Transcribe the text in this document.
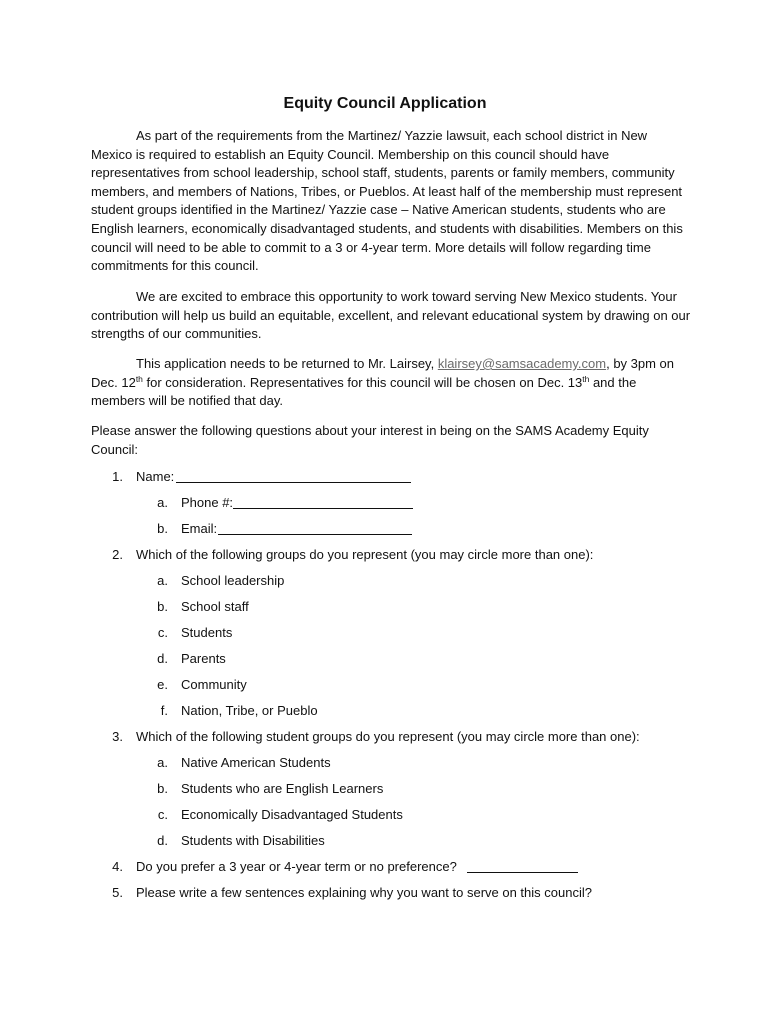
Equity Council Application

As part of the requirements from the Martinez/ Yazzie lawsuit, each school district in New Mexico is required to establish an Equity Council. Membership on this council should have representatives from school leadership, school staff, students, parents or family members, community members, and members of Nations, Tribes, or Pueblos. At least half of the membership must represent student groups identified in the Martinez/ Yazzie case – Native American students, students who are English learners, economically disadvantaged students, and students with disabilities. Members on this council will need to be able to commit to a 3 or 4-year term. More details will follow regarding time commitments for this council.

We are excited to embrace this opportunity to work toward serving New Mexico students. Your contribution will help us build an equitable, excellent, and relevant educational system by drawing on our strengths of our communities.

This application needs to be returned to Mr. Lairsey, klairsey@samsacademy.com, by 3pm on Dec. 12th for consideration. Representatives for this council will be chosen on Dec. 13th and the members will be notified that day.

Please answer the following questions about your interest in being on the SAMS Academy Equity Council:

1. Name:
a. Phone #:
b. Email:
2. Which of the following groups do you represent (you may circle more than one):
a. School leadership
b. School staff
c. Students
d. Parents
e. Community
f. Nation, Tribe, or Pueblo
3. Which of the following student groups do you represent (you may circle more than one):
a. Native American Students
b. Students who are English Learners
c. Economically Disadvantaged Students
d. Students with Disabilities
4. Do you prefer a 3 year or 4-year term or no preference?
5. Please write a few sentences explaining why you want to serve on this council?
